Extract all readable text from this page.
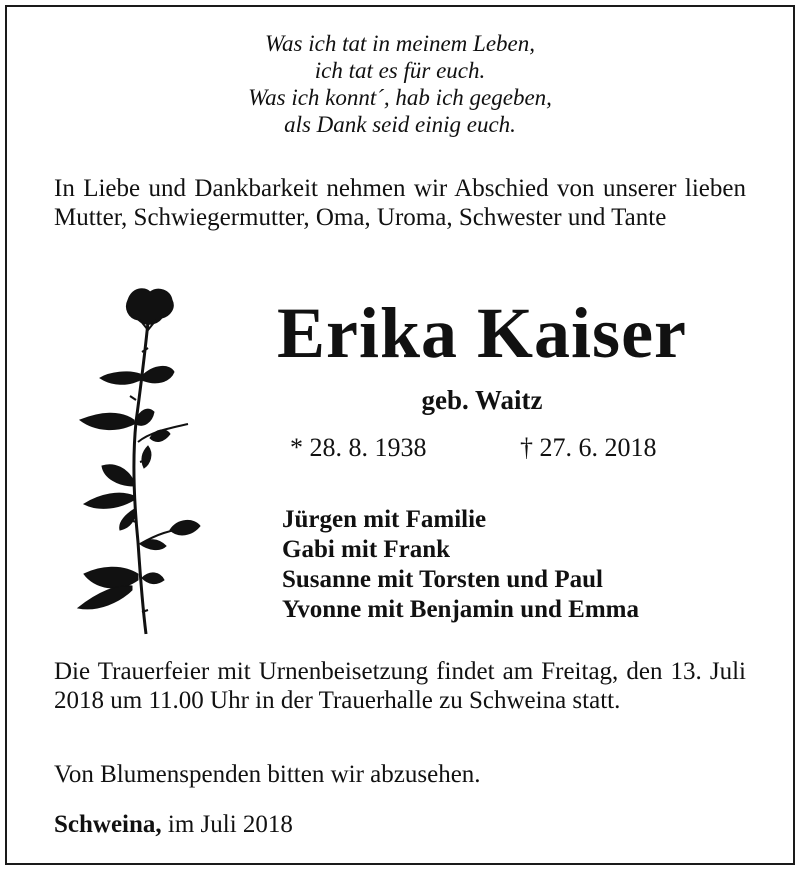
Was ich tat in meinem Leben,
ich tat es für euch.
Was ich konnt´, hab ich gegeben,
als Dank seid einig euch.
In Liebe und Dankbarkeit nehmen wir Abschied von unserer lieben Mutter, Schwiegermutter, Oma, Uroma, Schwester und Tante
Erika Kaiser
geb. Waitz
* 28. 8. 1938	† 27. 6. 2018
Jürgen mit Familie
Gabi mit Frank
Susanne mit Torsten und Paul
Yvonne mit Benjamin und Emma
Die Trauerfeier mit Urnenbeisetzung findet am Freitag, den 13. Juli 2018 um 11.00 Uhr in der Trauerhalle zu Schweina statt.
Von Blumenspenden bitten wir abzusehen.
Schweina, im Juli 2018
